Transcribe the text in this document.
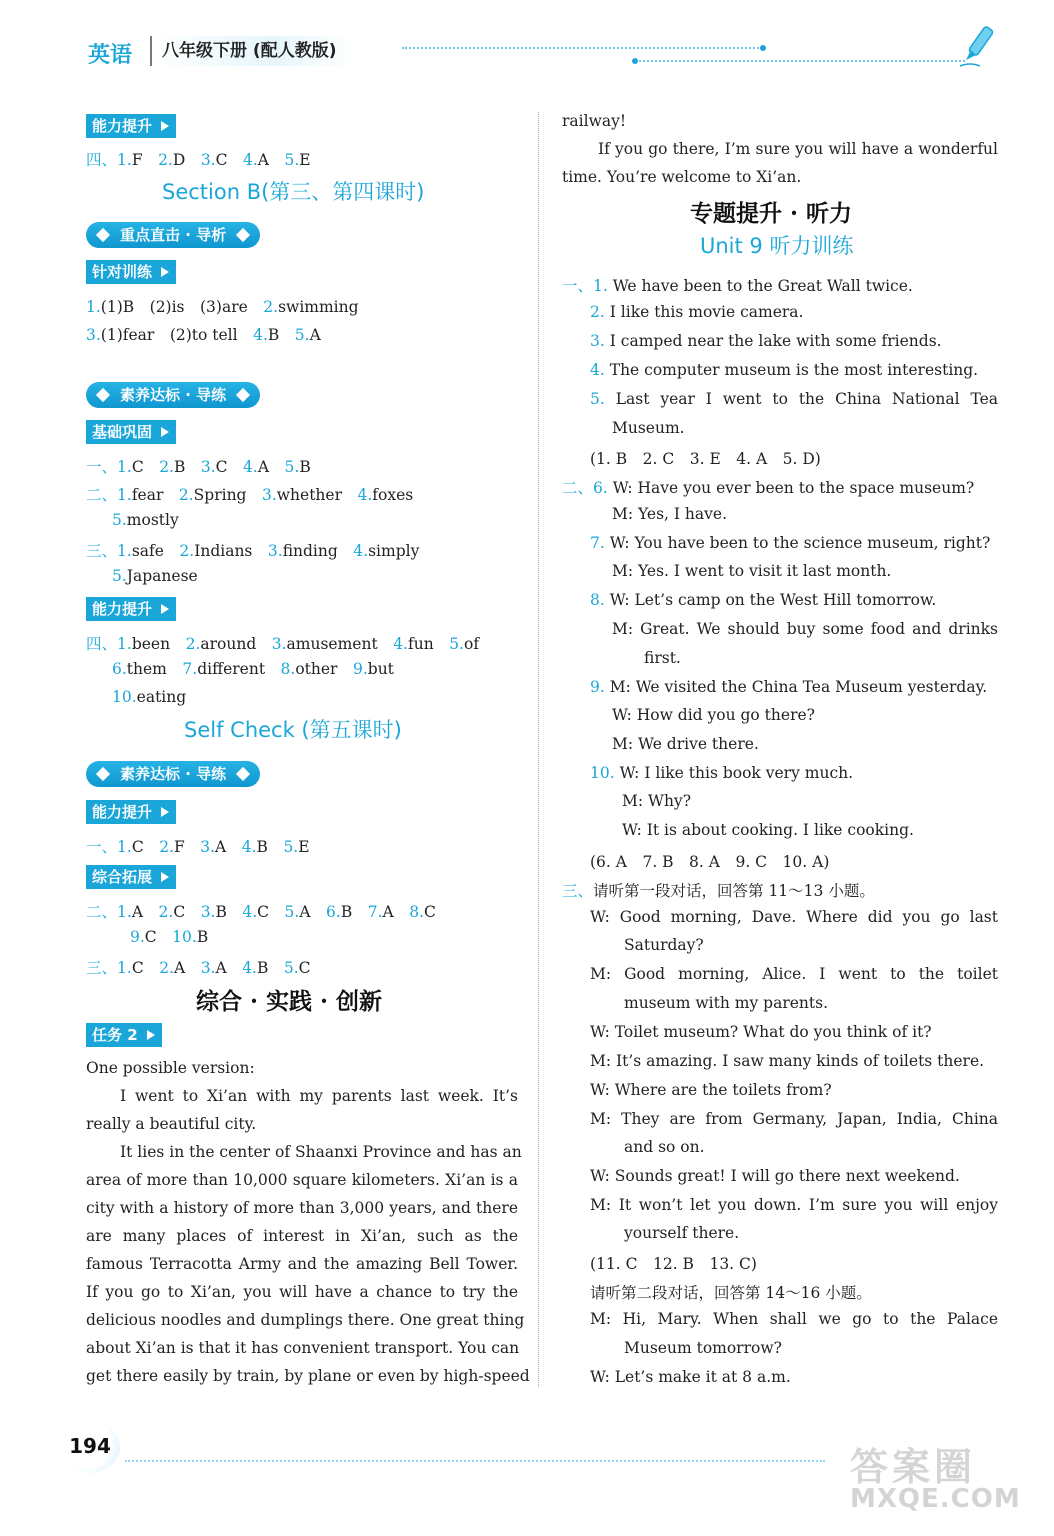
英语	八年级下册 (配人教版)
能力提升
四、1.F  2.D  3.C  4.A  5.E
Section B(第三、第四课时)
重点直击 · 导析
针对训练
1.(1)B　(2)is　(3)are  2.swimming
3.(1)fear　(2)to tell  4.B  5.A
素养达标 · 导练
基础巩固
一、1.C  2.B  3.C  4.A  5.B
二、1.fear  2.Spring  3.whether  4.foxes
5.mostly
三、1.safe  2.Indians  3.finding  4.simply
5.Japanese
能力提升
四、1.been  2.around  3.amusement  4.fun  5.of
6.them  7.different  8.other  9.but
10.eating
Self Check (第五课时)
素养达标 · 导练
能力提升
一、1.C  2.F  3.A  4.B  5.E
综合拓展
二、1.A  2.C  3.B  4.C  5.A  6.B  7.A  8.C
9.C  10.B
三、1.C  2.A  3.A  4.B  5.C
综合 · 实践 · 创新
任务 2
One possible version:
I went to Xi’an with my parents last week. It’s
really a beautiful city.
It lies in the center of Shaanxi Province and has an
area of more than 10,000 square kilometers. Xi’an is a
city with a history of more than 3,000 years, and there
are many places of interest in Xi’an, such as the
famous Terracotta Army and the amazing Bell Tower.
If you go to Xi’an, you will have a chance to try the
delicious noodles and dumplings there. One great thing
about Xi’an is that it has convenient transport. You can
get there easily by train, by plane or even by high-speed
railway!
If you go there, I’m sure you will have a wonderful
time. You’re welcome to Xi’an.
专题提升 · 听力
Unit 9 听力训练
一、1. We have been to the Great Wall twice.
2. I like this movie camera.
3. I camped near the lake with some friends.
4. The computer museum is the most interesting.
5. Last year I went to the China National Tea
Museum.
(1. B　2. C　3. E　4. A　5. D)
二、6. W: Have you ever been to the space museum?
M: Yes, I have.
7. W: You have been to the science museum, right?
M: Yes. I went to visit it last month.
8. W: Let’s camp on the West Hill tomorrow.
M: Great. We should buy some food and drinks
first.
9. M: We visited the China Tea Museum yesterday.
W: How did you go there?
M: We drive there.
10. W: I like this book very much.
M: Why?
W: It is about cooking. I like cooking.
(6. A　7. B　8. A　9. C　10. A)
三、请听第一段对话，回答第 11～13 小题。
W: Good morning, Dave. Where did you go last
Saturday?
M: Good morning, Alice. I went to the toilet
museum with my parents.
W: Toilet museum? What do you think of it?
M: It’s amazing. I saw many kinds of toilets there.
W: Where are the toilets from?
M: They are from Germany, Japan, India, China
and so on.
W: Sounds great! I will go there next weekend.
M: It won’t let you down. I’m sure you will enjoy
yourself there.
(11. C　12. B　13. C)
请听第二段对话，回答第 14～16 小题。
M: Hi, Mary. When shall we go to the Palace
Museum tomorrow?
W: Let’s make it at 8 a.m.
194	答案圈
MXQE.COM
